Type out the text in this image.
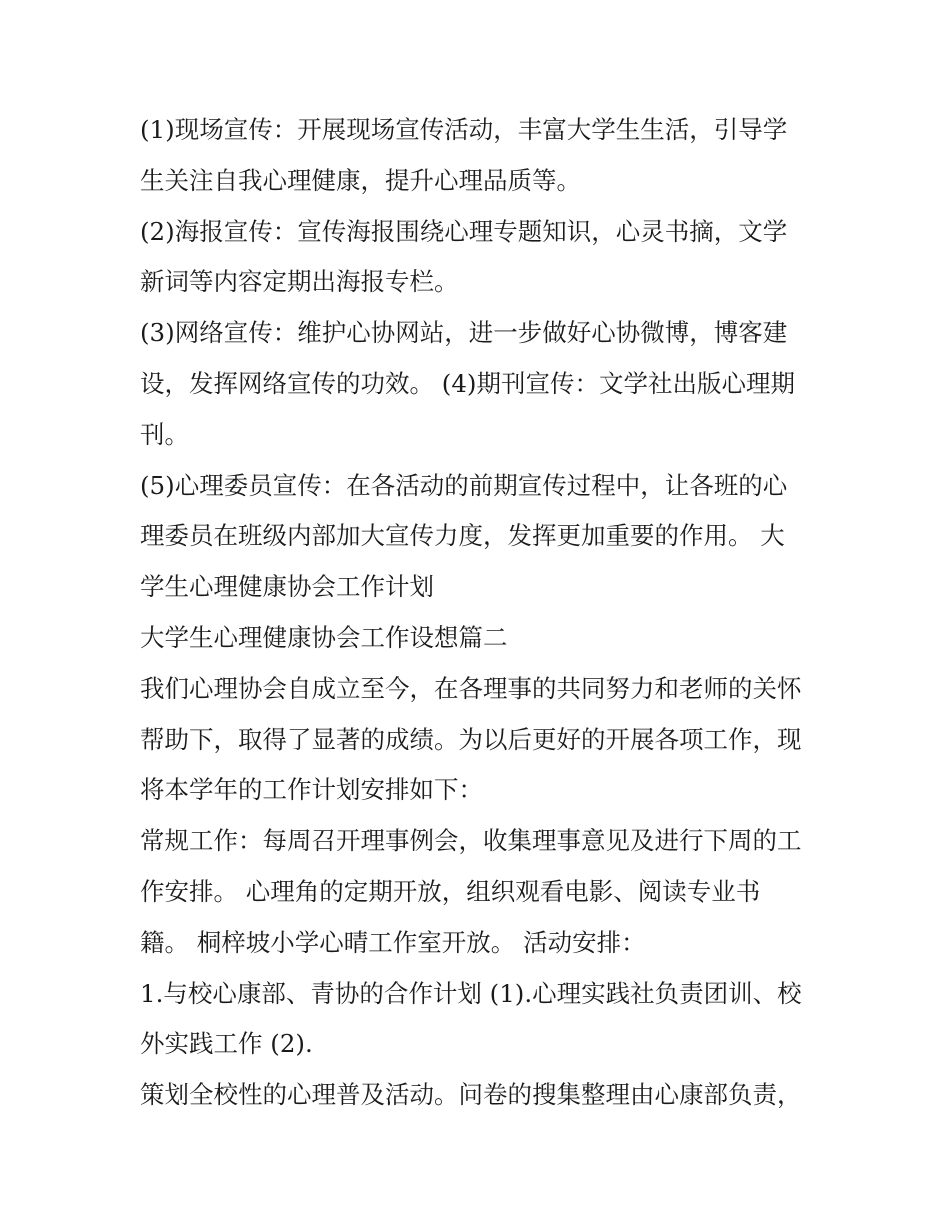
(1)现场宣传：开展现场宣传活动，丰富大学生生活，引导学
生关注自我心理健康，提升心理品质等。
(2)海报宣传：宣传海报围绕心理专题知识，心灵书摘，文学
新词等内容定期出海报专栏。
(3)网络宣传：维护心协网站，进一步做好心协微博，博客建
设，发挥网络宣传的功效。 (4)期刊宣传：文学社出版心理期
刊。
(5)心理委员宣传：在各活动的前期宣传过程中，让各班的心
理委员在班级内部加大宣传力度，发挥更加重要的作用。 大
学生心理健康协会工作计划
大学生心理健康协会工作设想篇二
我们心理协会自成立至今，在各理事的共同努力和老师的关怀
帮助下，取得了显著的成绩。为以后更好的开展各项工作，现
将本学年的工作计划安排如下：
常规工作：每周召开理事例会，收集理事意见及进行下周的工
作安排。 心理角的定期开放，组织观看电影、阅读专业书
籍。 桐梓坡小学心晴工作室开放。 活动安排：
1.与校心康部、青协的合作计划 (1).心理实践社负责团训、校
外实践工作 (2).
策划全校性的心理普及活动。问卷的搜集整理由心康部负责，
